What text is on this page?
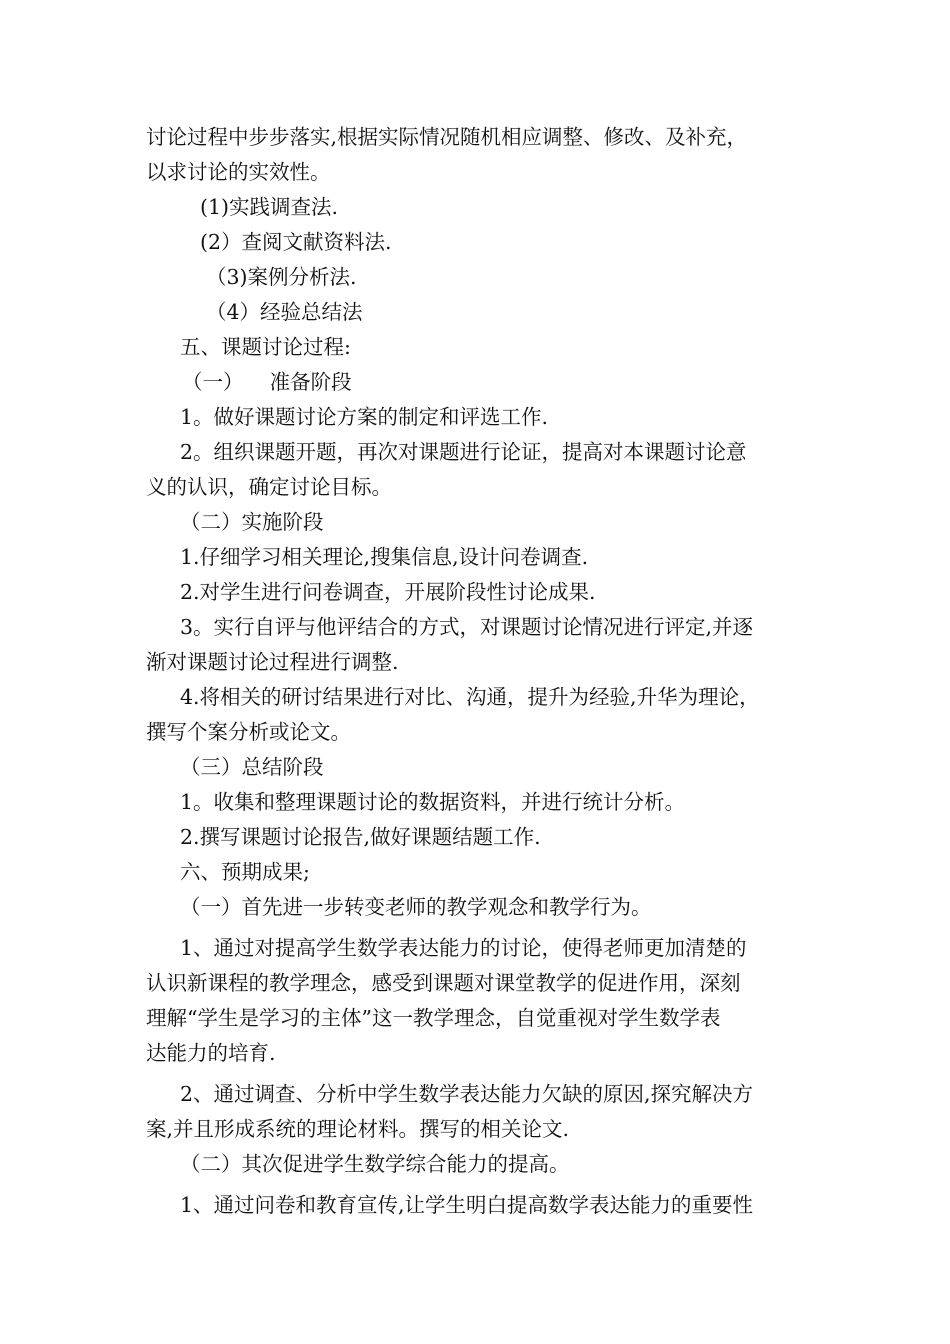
讨论过程中步步落实,根据实际情况随机相应调整、修改、及补充，
以求讨论的实效性。
(1)实践调查法.
(2）查阅文献资料法.
（3)案例分析法.
（4）经验总结法
五、课题讨论过程:
（一）    准备阶段
1。做好课题讨论方案的制定和评选工作.
2。组织课题开题，再次对课题进行论证，提高对本课题讨论意
义的认识，确定讨论目标。
（二）实施阶段
1.仔细学习相关理论,搜集信息,设计问卷调查.
2.对学生进行问卷调查，开展阶段性讨论成果.
3。实行自评与他评结合的方式，对课题讨论情况进行评定,并逐
渐对课题讨论过程进行调整.
4.将相关的研讨结果进行对比、沟通，提升为经验,升华为理论，
撰写个案分析或论文。
（三）总结阶段
1。收集和整理课题讨论的数据资料，并进行统计分析。
2.撰写课题讨论报告,做好课题结题工作.
六、预期成果;
（一）首先进一步转变老师的教学观念和教学行为。
1、通过对提高学生数学表达能力的讨论，使得老师更加清楚的
认识新课程的教学理念，感受到课题对课堂教学的促进作用，深刻
理解“学生是学习的主体”这一教学理念，自觉重视对学生数学表
达能力的培育.
2、通过调查、分析中学生数学表达能力欠缺的原因,探究解决方
案,并且形成系统的理论材料。撰写的相关论文.
（二）其次促进学生数学综合能力的提高。
1、通过问卷和教育宣传,让学生明白提高数学表达能力的重要性
